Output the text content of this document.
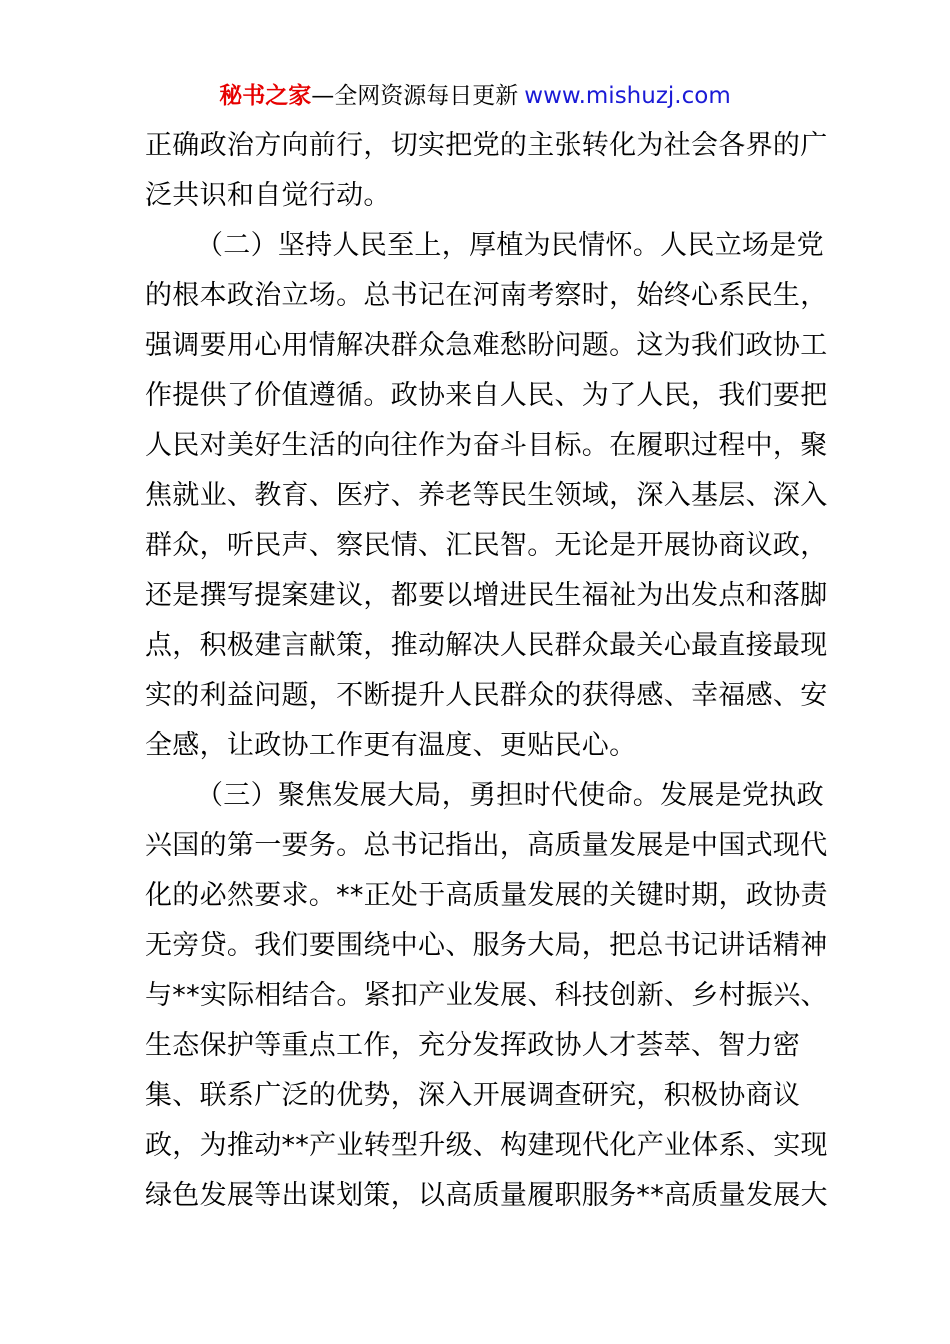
秘书之家—全网资源每日更新 www.mishuzj.com
正确政治方向前行，切实把党的主张转化为社会各界的广
泛共识和自觉行动。
（二）坚持人民至上，厚植为民情怀。人民立场是党
的根本政治立场。总书记在河南考察时，始终心系民生，
强调要用心用情解决群众急难愁盼问题。这为我们政协工
作提供了价值遵循。政协来自人民、为了人民，我们要把
人民对美好生活的向往作为奋斗目标。在履职过程中，聚
焦就业、教育、医疗、养老等民生领域，深入基层、深入
群众，听民声、察民情、汇民智。无论是开展协商议政，
还是撰写提案建议，都要以增进民生福祉为出发点和落脚
点，积极建言献策，推动解决人民群众最关心最直接最现
实的利益问题，不断提升人民群众的获得感、幸福感、安
全感，让政协工作更有温度、更贴民心。
（三）聚焦发展大局，勇担时代使命。发展是党执政
兴国的第一要务。总书记指出，高质量发展是中国式现代
化的必然要求。**正处于高质量发展的关键时期，政协责
无旁贷。我们要围绕中心、服务大局，把总书记讲话精神
与**实际相结合。紧扣产业发展、科技创新、乡村振兴、
生态保护等重点工作，充分发挥政协人才荟萃、智力密
集、联系广泛的优势，深入开展调查研究，积极协商议
政，为推动**产业转型升级、构建现代化产业体系、实现
绿色发展等出谋划策，以高质量履职服务**高质量发展大
